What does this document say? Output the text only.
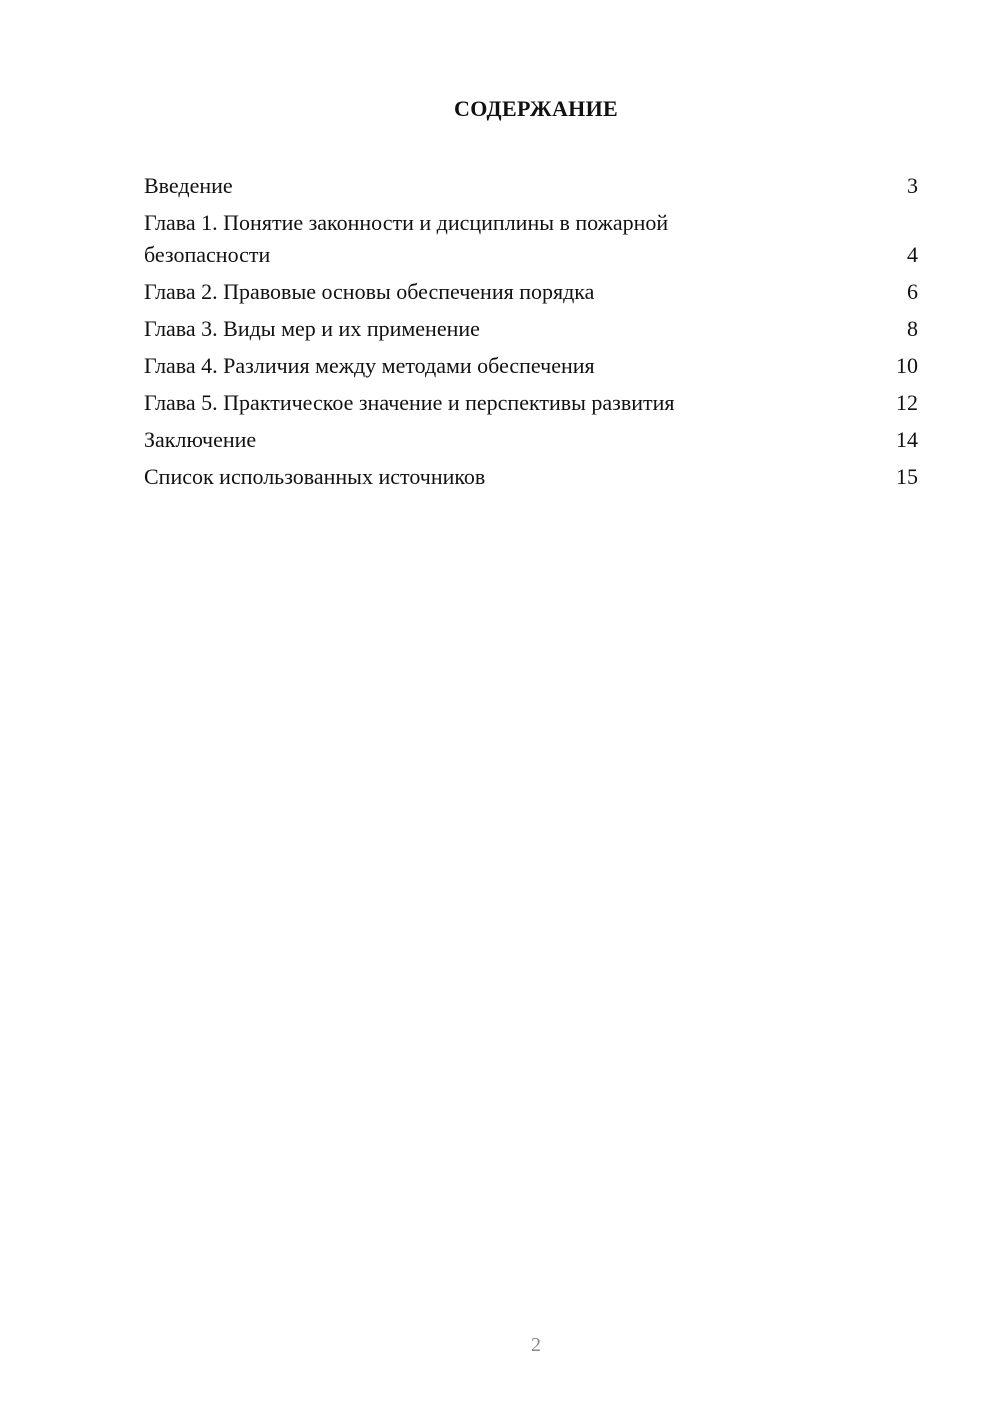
СОДЕРЖАНИЕ
Введение	3
Глава 1. Понятие законности и дисциплины в пожарной безопасности	4
Глава 2. Правовые основы обеспечения порядка	6
Глава 3. Виды мер и их применение	8
Глава 4. Различия между методами обеспечения	10
Глава 5. Практическое значение и перспективы развития	12
Заключение	14
Список использованных источников	15
2
